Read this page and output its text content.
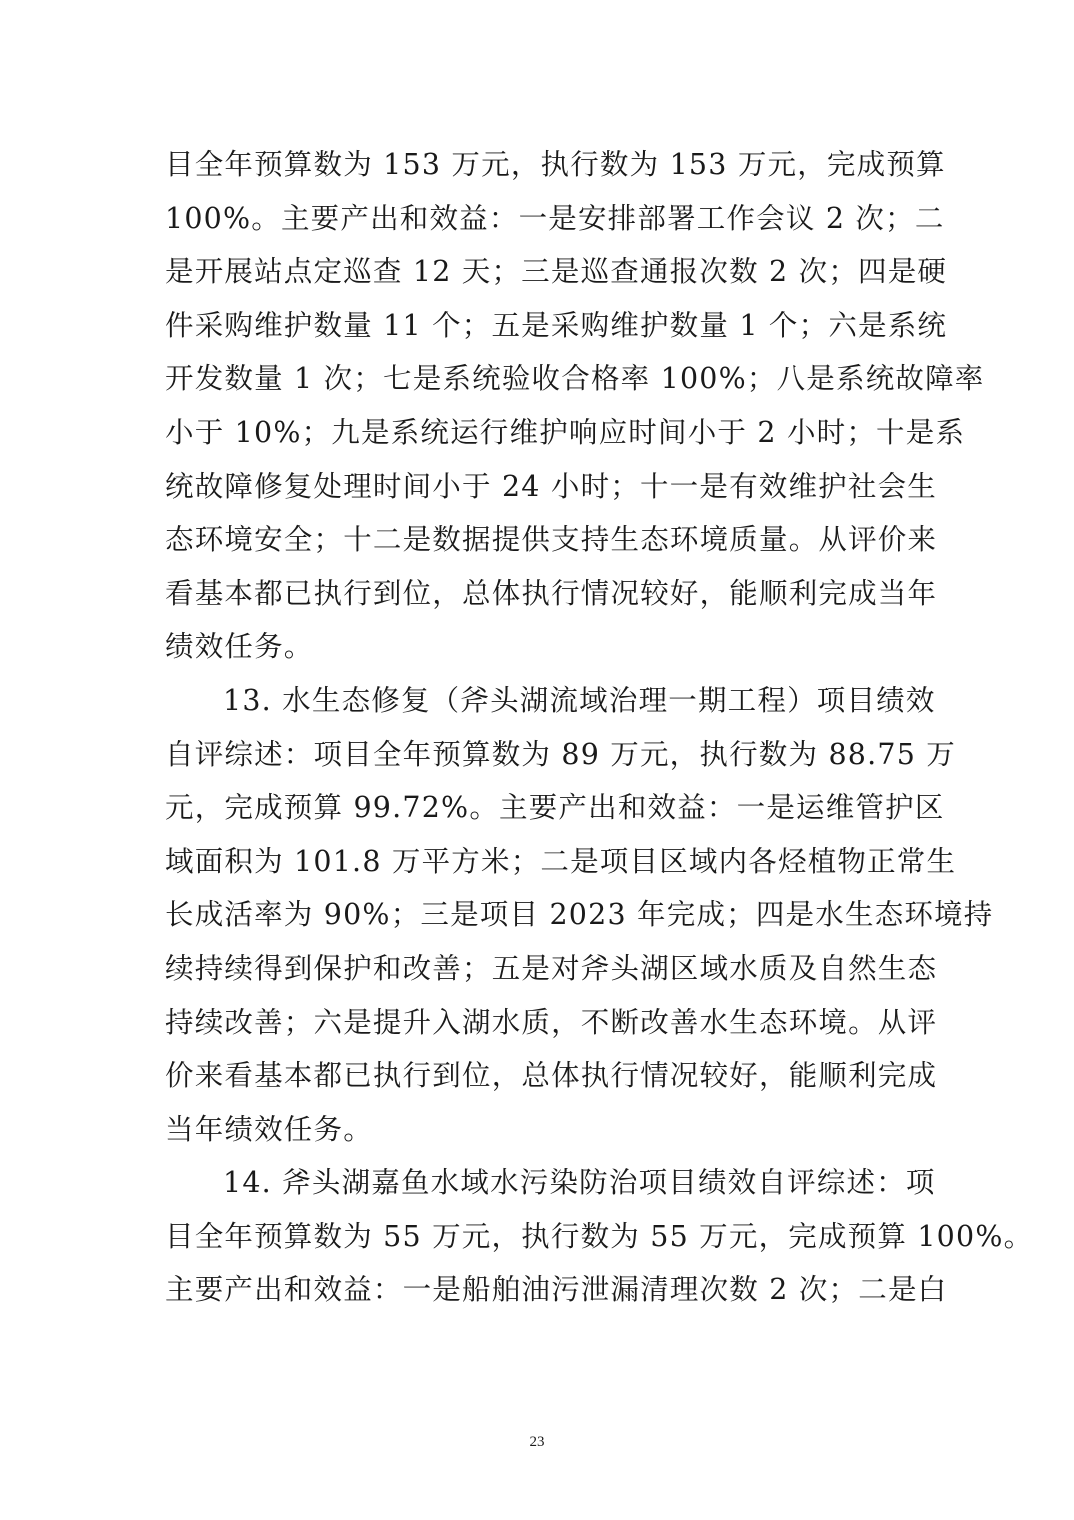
目全年预算数为 153 万元，执行数为 153 万元，完成预算
100%。主要产出和效益：一是安排部署工作会议 2 次；二
是开展站点定巡查 12 天；三是巡查通报次数 2 次；四是硬
件采购维护数量 11 个；五是采购维护数量 1 个；六是系统
开发数量 1 次；七是系统验收合格率 100%；八是系统故障率
小于 10%；九是系统运行维护响应时间小于 2 小时；十是系
统故障修复处理时间小于 24 小时；十一是有效维护社会生
态环境安全；十二是数据提供支持生态环境质量。从评价来
看基本都已执行到位，总体执行情况较好，能顺利完成当年
绩效任务。
13. 水生态修复（斧头湖流域治理一期工程）项目绩效
自评综述：项目全年预算数为 89 万元，执行数为 88.75 万
元，完成预算 99.72%。主要产出和效益：一是运维管护区
域面积为 101.8 万平方米；二是项目区域内各烃植物正常生
长成活率为 90%；三是项目 2023 年完成；四是水生态环境持
续持续得到保护和改善；五是对斧头湖区域水质及自然生态
持续改善；六是提升入湖水质，不断改善水生态环境。从评
价来看基本都已执行到位，总体执行情况较好，能顺利完成
当年绩效任务。
14. 斧头湖嘉鱼水域水污染防治项目绩效自评综述：项
目全年预算数为 55 万元，执行数为 55 万元，完成预算 100%。
主要产出和效益：一是船舶油污泄漏清理次数 2 次；二是白
23
